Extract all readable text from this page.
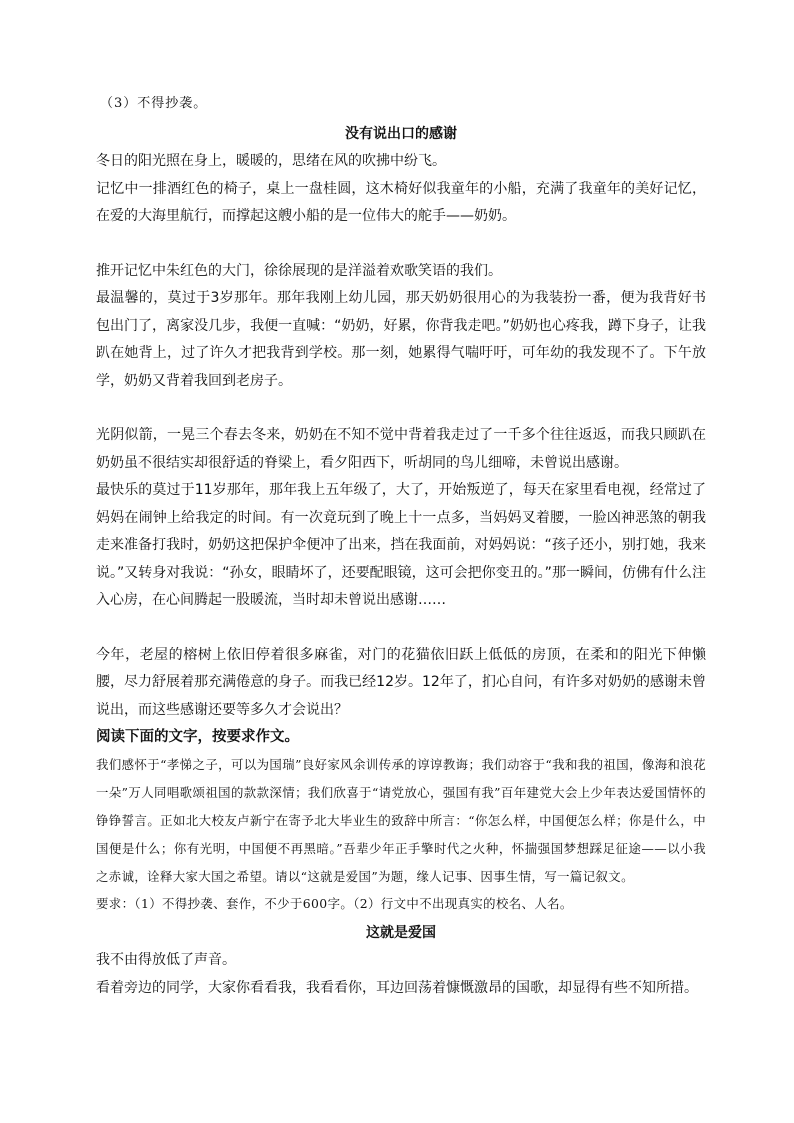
（3）不得抄袭。

没有说出口的感谢

冬日的阳光照在身上，暖暖的，思绪在风的吹拂中纷飞。

记忆中一排酒红色的椅子，桌上一盘桂圆，这木椅好似我童年的小船，充满了我童年的美好记忆，在爱的大海里航行，而撑起这艘小船的是一位伟大的舵手——奶奶。

推开记忆中朱红色的大门，徐徐展现的是洋溢着欢歌笑语的我们。

最温馨的，莫过于3岁那年。那年我刚上幼儿园，那天奶奶很用心的为我装扮一番，便为我背好书包出门了，离家没几步，我便一直喊：“奶奶，好累，你背我走吧。”奶奶也心疼我，蹲下身子，让我趴在她背上，过了许久才把我背到学校。那一刻，她累得气喘吁吁，可年幼的我发现不了。下午放学，奶奶又背着我回到老房子。

光阴似箭，一晃三个春去冬来，奶奶在不知不觉中背着我走过了一千多个往往返返，而我只顾趴在奶奶虽不很结实却很舒适的脊梁上，看夕阳西下，听胡同的鸟儿细啼，未曾说出感谢。

最快乐的莫过于11岁那年，那年我上五年级了，大了，开始叛逆了，每天在家里看电视，经常过了妈妈在闹钟上给我定的时间。有一次竟玩到了晚上十一点多，当妈妈叉着腰，一脸凶神恶煞的朝我走来准备打我时，奶奶这把保护伞便冲了出来，挡在我面前，对妈妈说：“孩子还小，别打她，我来说。”又转身对我说：“孙女，眼睛坏了，还要配眼镜，这可会把你变丑的。”那一瞬间，仿佛有什么注入心房，在心间腾起一股暖流，当时却未曾说出感谢……

今年，老屋的榕树上依旧停着很多麻雀，对门的花猫依旧跃上低低的房顶，在柔和的阳光下伸懒腰，尽力舒展着那充满倦意的身子。而我已经12岁。12年了，扪心自问，有许多对奶奶的感谢未曾说出，而这些感谢还要等多久才会说出？

阅读下面的文字，按要求作文。

我们感怀于“孝悌之子，可以为国瑞”良好家风余训传承的谆谆教诲；我们动容于“我和我的祖国，像海和浪花一朵”万人同唱歌颂祖国的款款深情；我们欣喜于“请党放心，强国有我”百年建党大会上少年表达爱国情怀的铮铮誓言。正如北大校友卢新宁在寄予北大毕业生的致辞中所言：“你怎么样，中国便怎么样；你是什么，中国便是什么；你有光明，中国便不再黑暗。”吾辈少年正手擎时代之火种，怀揣强国梦想踩足征途——以小我之赤诚，诠释大家大国之希望。请以“这就是爱国”为题，缘人记事、因事生情，写一篇记叙文。

要求：（1）不得抄袭、套作，不少于600字。（2）行文中不出现真实的校名、人名。

这就是爱国

我不由得放低了声音。

看着旁边的同学，大家你看看我，我看看你，耳边回荡着慷慨激昂的国歌，却显得有些不知所措。
